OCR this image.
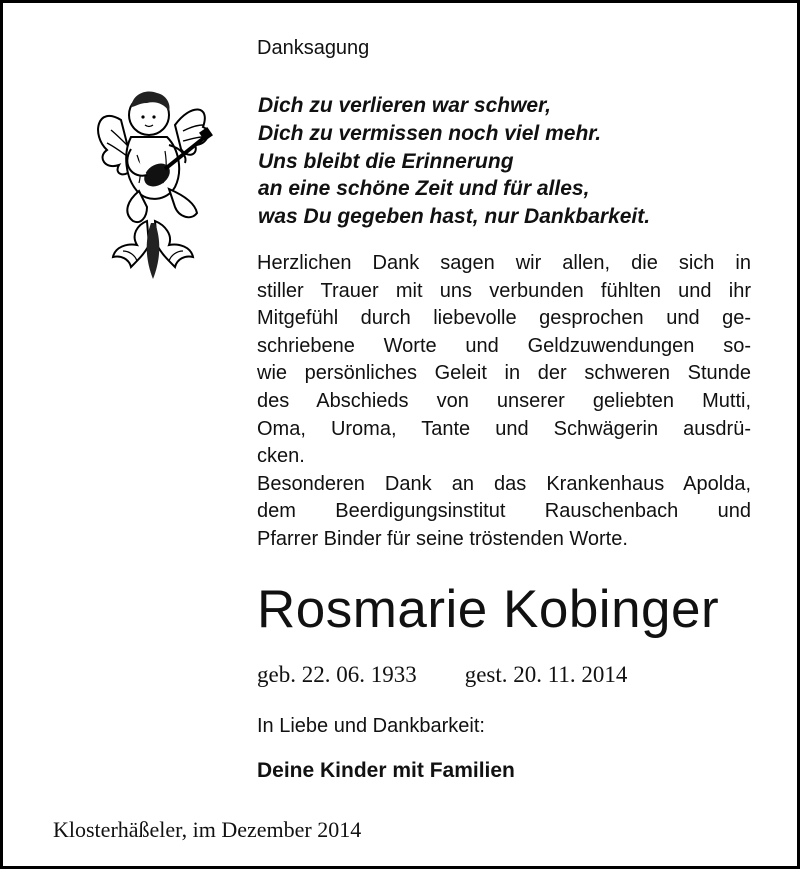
Danksagung
Dich zu verlieren war schwer,
Dich zu vermissen noch viel mehr.
Uns bleibt die Erinnerung
an eine schöne Zeit und für alles,
was Du gegeben hast, nur Dankbarkeit.
Herzlichen Dank sagen wir allen, die sich in
stiller Trauer mit uns verbunden fühlten und ihr
Mitgefühl durch liebevolle gesprochen und ge-
schriebene Worte und Geldzuwendungen so-
wie persönliches Geleit in der schweren Stunde
des Abschieds von unserer geliebten Mutti,
Oma, Uroma, Tante und Schwägerin ausdrü-
cken.
Besonderen Dank an das Krankenhaus Apolda,
dem Beerdigungsinstitut Rauschenbach und
Pfarrer Binder für seine tröstenden Worte.
Rosmarie Kobinger
geb. 22. 06. 1933 gest. 20. 11. 2014
In Liebe und Dankbarkeit:
Deine Kinder mit Familien
Klosterhäßeler, im Dezember 2014
